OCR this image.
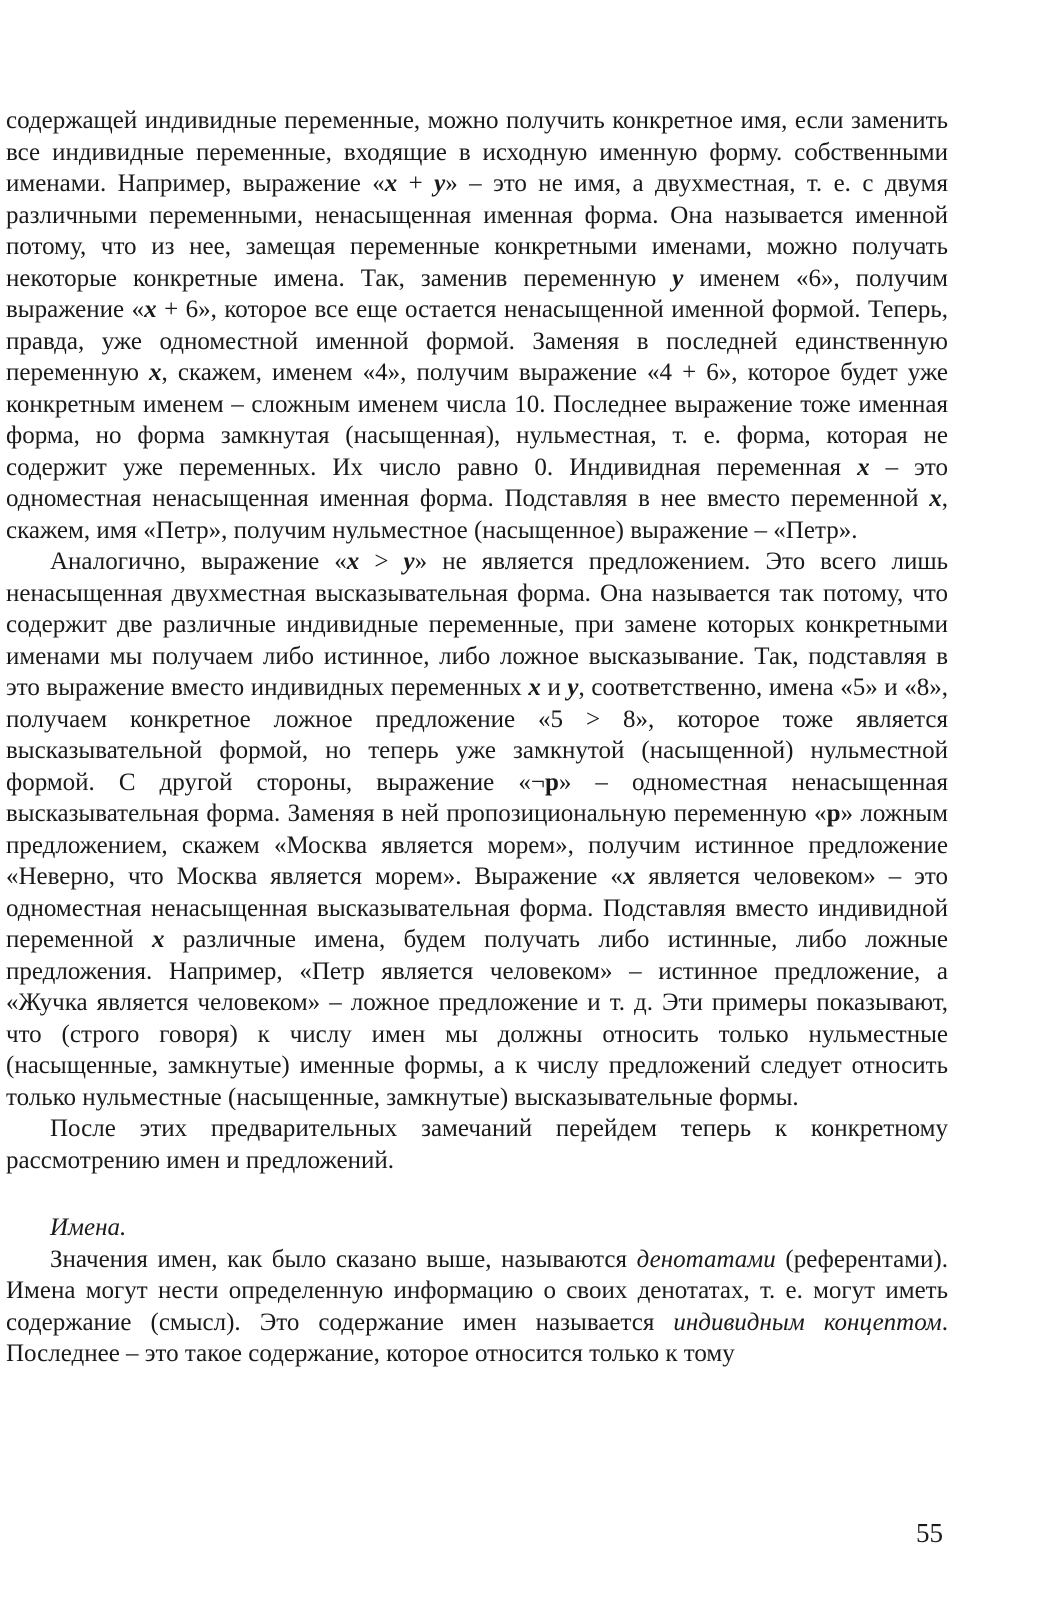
содержащей индивидные переменные, можно получить конкретное имя, если заменить все индивидные переменные, входящие в исходную именную форму. собственными именами. Например, выражение «x + y» – это не имя, а двухместная, т. е. с двумя различными переменными, ненасыщенная именная форма. Она называется именной потому, что из нее, замещая переменные конкретными именами, можно получать некоторые конкретные имена. Так, заменив переменную y именем «6», получим выражение «x + 6», которое все еще остается ненасыщенной именной формой. Теперь, правда, уже одноместной именной формой. Заменяя в последней единственную переменную x, скажем, именем «4», получим выражение «4 + 6», которое будет уже конкретным именем – сложным именем числа 10. Последнее выражение тоже именная форма, но форма замкнутая (насыщенная), нульместная, т. е. форма, которая не содержит уже переменных. Их число равно 0. Индивидная переменная x – это одноместная ненасыщенная именная форма. Подставляя в нее вместо переменной x, скажем, имя «Петр», получим нульместное (насыщенное) выражение – «Петр».

Аналогично, выражение «x > y» не является предложением. Это всего лишь ненасыщенная двухместная высказывательная форма. Она называется так потому, что содержит две различные индивидные переменные, при замене которых конкретными именами мы получаем либо истинное, либо ложное высказывание. Так, подставляя в это выражение вместо индивидных переменных x и y, соответственно, имена «5» и «8», получаем конкретное ложное предложение «5 > 8», которое тоже является высказывательной формой, но теперь уже замкнутой (насыщенной) нульместной формой. С другой стороны, выражение «¬p» – одноместная ненасыщенная высказывательная форма. Заменяя в ней пропозициональную переменную «p» ложным предложением, скажем «Москва является морем», получим истинное предложение «Неверно, что Москва является морем». Выражение «x является человеком» – это одноместная ненасыщенная высказывательная форма. Подставляя вместо индивидной переменной x различные имена, будем получать либо истинные, либо ложные предложения. Например, «Петр является человеком» – истинное предложение, а «Жучка является человеком» – ложное предложение и т. д. Эти примеры показывают, что (строго говоря) к числу имен мы должны относить только нульместные (насыщенные, замкнутые) именные формы, а к числу предложений следует относить только нульместные (насыщенные, замкнутые) высказывательные формы.

После этих предварительных замечаний перейдем теперь к конкретному рассмотрению имен и предложений.

Имена.

Значения имен, как было сказано выше, называются денотатами (референтами). Имена могут нести определенную информацию о своих денотатах, т. е. могут иметь содержание (смысл). Это содержание имен называется индивидным концептом. Последнее – это такое содержание, которое относится только к тому

55
